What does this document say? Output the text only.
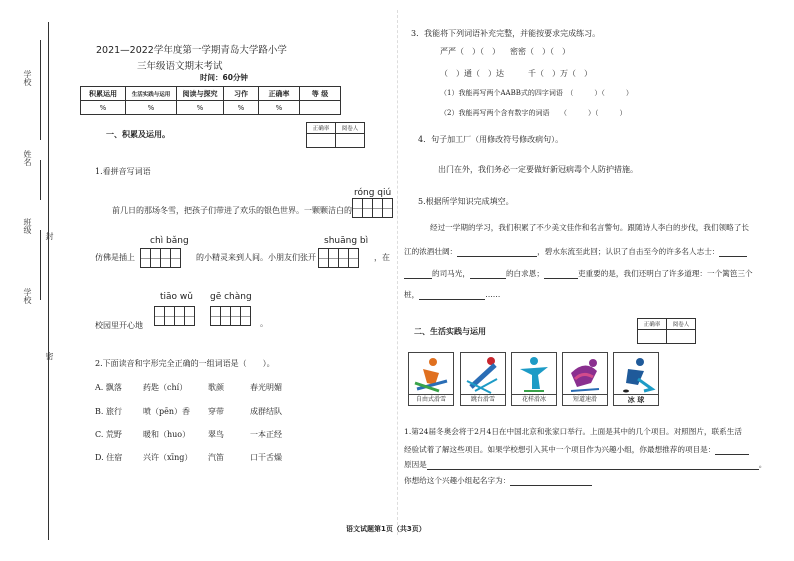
学校
姓名
班级
学校
封
密
2021—2022学年度第一学期青岛大学路小学
三年级语文期末考试
时间：60分钟
积累运用	生活实践与运用	阅读与探究	习作	正确率	等 级
%	%	%	%	%	
正确率	阅卷人

一、积累及运用。
1.看拼音写词语
róng qiú
前几日的那场冬雪，把孩子们带进了欢乐的银色世界。一颗颗洁白的
chì bǎng	shuāng bì
仿佛是插上	的小精灵来到人间。小朋友们张开	，在
tiāo wǔ gē chàng
校园里开心地	。
2.下面读音和字形完全正确的一组词语是（　　）。
A. 飘落	药匙（chí）	歌颜	春光明媚
B. 旅行	喷（pēn）香 穿带	成群结队
C. 荒野	暖和（huo） 翠鸟	一本正经
D. 住宿	兴许（xīng） 汽笛	口干舌燥
3．我能将下列词语补充完整，并能按要求完成练习。
严严（　）（　） 密密（　）（　）
（　）通（　）达	千（　）万（　）
（1）我能再写两个AABB式的四字词语　（　　　）（　　　）
（2）我能再写两个含有数字的词语　　（　　　）（　　　）
4．句子加工厂（用修改符号修改病句）。
出门在外，我们务必一定要做好新冠病毒个人防护措施。
5.根据所学知识完成填空。
经过一学期的学习，我们积累了不少美文佳作和名言警句。跟随诗人李白的步伐，我们领略了长
江的浓酒壮阔：	，碧水东流至此回；认识了自击至今的许多名人志士：
的司马光，	的白求恩；	吏重要的是，我们还明白了许多道理：一个篱笆三个
桩，	……
二、生活实践与运用
正确率	阅卷人

自由式滑雪	跳台滑雪	花样滑冰	短道速滑	冰 球
1.第24届冬奥会将于2月4日在中国北京和张家口举行。上面是其中的几个项目。对照图片，联系生活
经验试着了解这些项目。如果学校想引入其中一个项目作为兴趣小组，你最想推荐的项目是：
原因是	。
你想给这个兴趣小组起名字为：
语文试题第1页（共3页）
